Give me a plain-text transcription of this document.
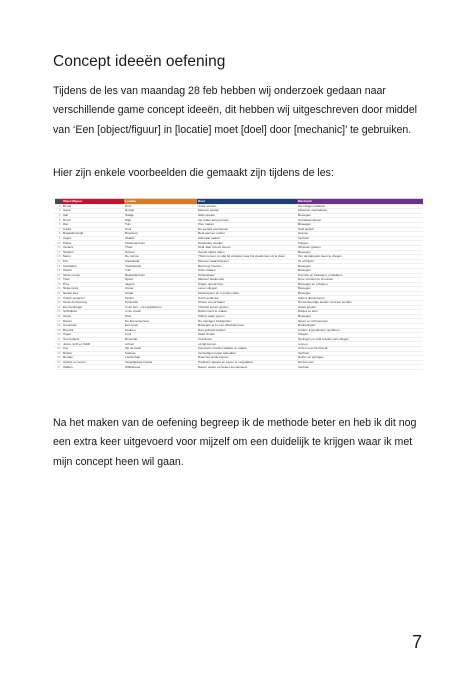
Concept ideeën oefening

Tijdens de les van maandag 28 feb hebben wij onderzoek gedaan naar verschillende game concept ideeën, dit hebben wij uitgeschreven door middel van ‘Een [object/figuur] in [locatie] moet [doel] door [mechanic]’ te gebruiken.

Hier zijn enkele voorbeelden die gemaakt zijn tijdens de les:

	Object/figuur	Locatie	Doel	Mechanic
2	Brood	Huis	Toast worden	Aan dingen plakken
3	Gans	Dorpje	Mensen pesten	Objecten verplaatsen
4	Gat	Stadje	Alles opeten	Bewegen
5	Hond	Wijk	Op ander terug komen	Ontdekken/lezen
6	Rat	Tuin	Vies maken	Bewegen
7	Cavia	Kooi	De wereld overnemen	Graf gewild
8	Bepaald kenijk	Boerderij	Beta kennen onden	Graven
9	Vogel	Abattis	Allemaal maken	Vechten
10	Pasta	Studentenhuis	Studenten voeden	Vliegen
11	Ouders	Thuis	Kind naar school sturen	Objecten gooien
12	Student	School	Goede cijfers halen	Bewegen
13	Mens	De ruimte	Thuis komen, omdat hij vergeten was hot goedomus uit te doen	Om de planeten heen te vliegen
14	Fire	Klaslokaal	Mensen waarschuwen	Te schrijven
15	Vestibator	Voetbalveld	Bal hoog houden	Bewegen
16	Voeter	Tuin	Gras maaien	Bewegen
17	Oude vrouw	Bejaardenhuis	Ontsnappen	Puzzels en bewegen, ontdekken
18	Trein	Spoor	Mensen fietsbonen	Door mensen te smossen
19	Prey	Jagers	Uitgen opentrozen	Bewegen en schieten
20	Ninja-mody	Arena	Leven vliegen	Bewegen
21	Neutel kies	Straat	Ontsnappen en in puzje rollen	Bewegen
22	Twitch streamer	Online	Geld verdienen	Kijkers illuminneren
23	Oude Archeoloog	Pyramide	Chaos veroorzaken	Hersenkoortige stoden tot lezer worden
24	Een bedreiger	In de tuin - met appelboom	Inmanel lemen gooien	Appel gooien
25	Schildpad	In de ocean	Dolommerit te maken	Rietjes te eten
26	Gieter	Huis	Plante water geven	Bewegen
27	Raven	De boerenservice	De manager bedigorden	Steen en schreeuwen
28	Unnerode	Een beek	Bewegen je zo een dinehulst luxe	Bonkeringen
29	Brenzill	Keuken	Niet gebodd worden	Andere ingrediënten opofferen
30	Vogel	Kooi	Zaad vinden	Vliegen
31	Test subject	Rond lab	Overleven	Springen en zoal houden aan vliegen
32	Julius, knih en SAM	school	op tijd komen	rennen
33	Kat	Op de bank	Kat avens worden wakker te maken	Azzen over het Koydt
34	Ruben	Kasteel	Verdedigen tegen aanvallen	Vechten
35	Rondje	Landschap	Naar het einde komen	Rollen en springen
36	Appels en peren	Vergelijkings knuttle	Proficiem appels en peren te vergelijken	Dit kan niet
37	Waffen	Wiffelbouw	Dieren stelen en beken tunnelmacts	Vechten

Na het maken van de oefening begreep ik de methode beter en heb ik dit nog een extra keer uitgevoerd voor mijzelf om een duidelijk te krijgen waar ik met mijn concept heen wil gaan.

7
